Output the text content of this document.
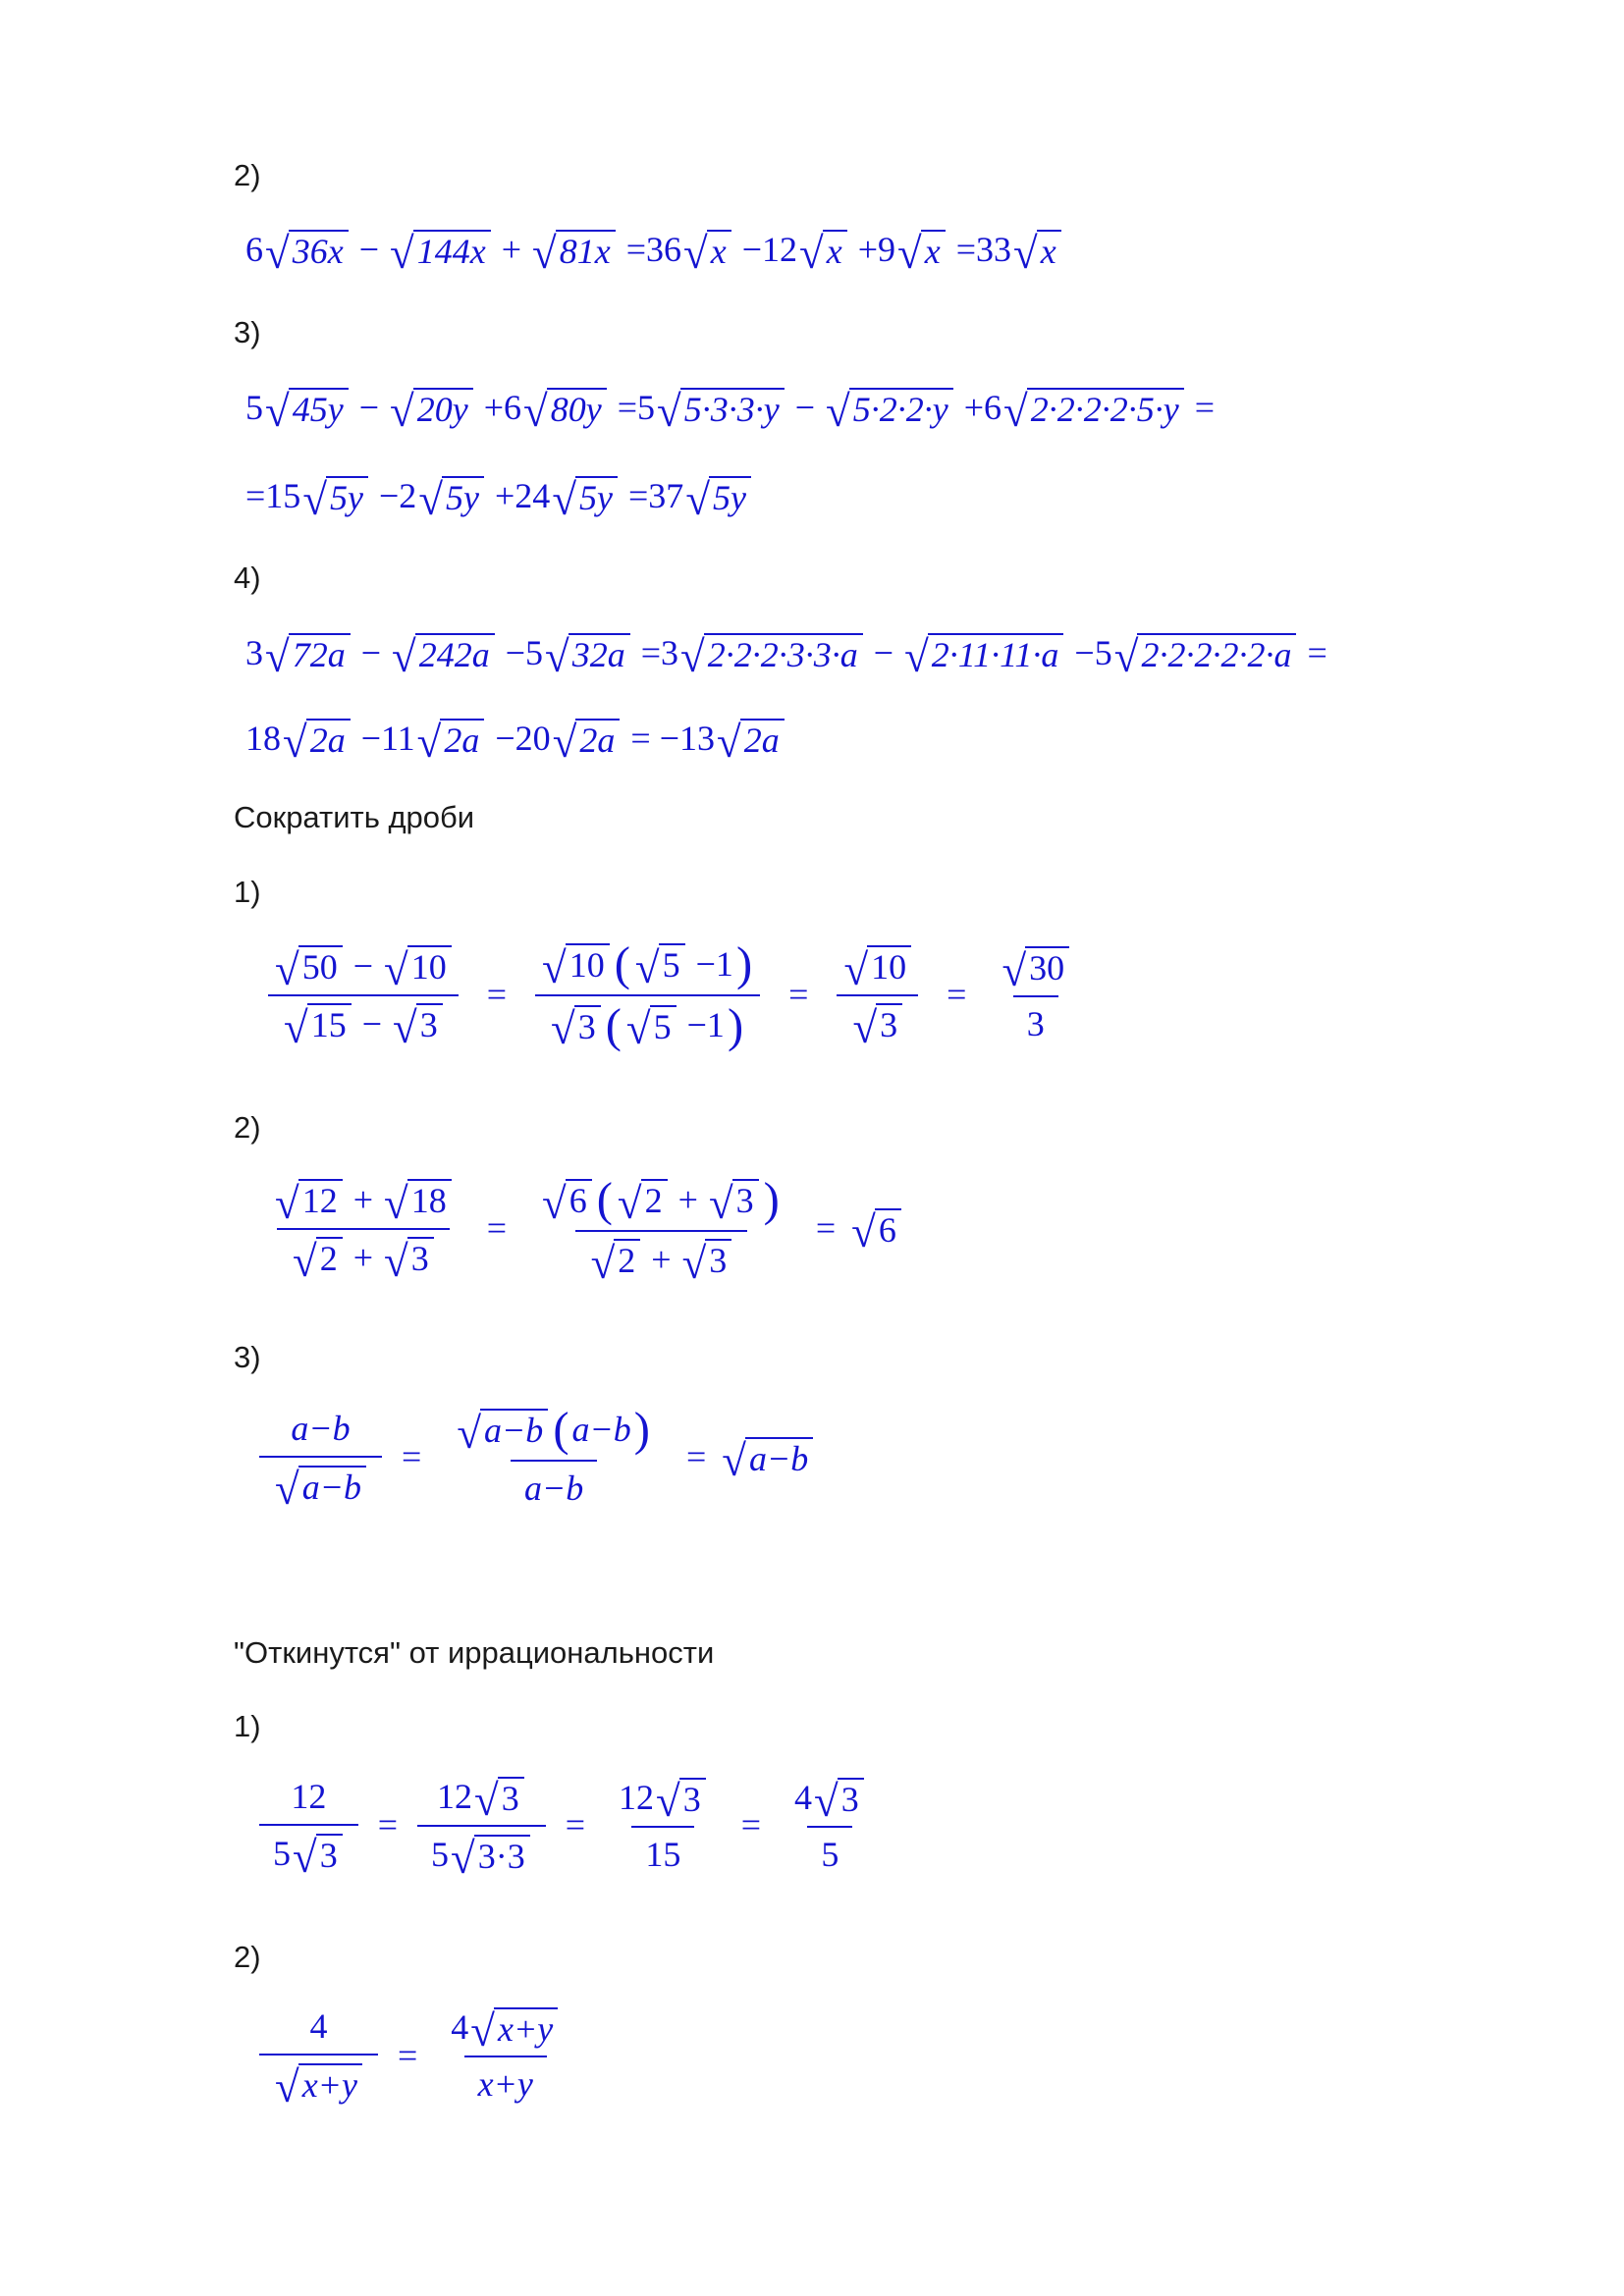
2)
6 √ 36x − √ 144x + √ 81x =36 √ x −12 √ x +9 √ x =33 √ x
3)
5 √ 45y − √ 20y +6 √ 80y =5 √ 5·3·3·y − √ 5·2·2·y +6 √ 2·2·2·2·5·y =
=15 √ 5y −2 √ 5y +24 √ 5y =37 √ 5y
4)
3 √ 72a − √ 242a −5 √ 32a =3 √ 2·2·2·3·3·a − √ 2·11·11·a −5 √ 2·2·2·2·2·a =
18 √ 2a −11 √ 2a −20 √ 2a = −13 √ 2a
Сократить дроби
1)
$\frac{√ 50 - √ 10}{√ 15 - √ 3} = \frac{√ 10 ( √ 5 -1 )}{√ 3 ( √ 5 -1 )} = \frac{√ 10}{√ 3} = \frac{√ 30}{3}$
2)
$\frac{√ 12 + √ 18}{√ 2 + √ 3} = \frac{√ 6 ( √ 2 + √ 3 )}{√ 2 + √ 3}$ = √ 6
3)
$\frac{a-b}{√ a-b} = \frac{√ a-b ( a-b )}{a-b}$ = √ a−b
"Откинутся" от иррациональности
1)
$\frac{12}{5 √ 3} = \frac{12 √ 3}{5 √ 3\cdot 3} = \frac{12 √ 3}{15} = \frac{4 √ 3}{5}$
2)
$\frac{4}{√ x+y} = \frac{4 √ x+y}{x+y}$
